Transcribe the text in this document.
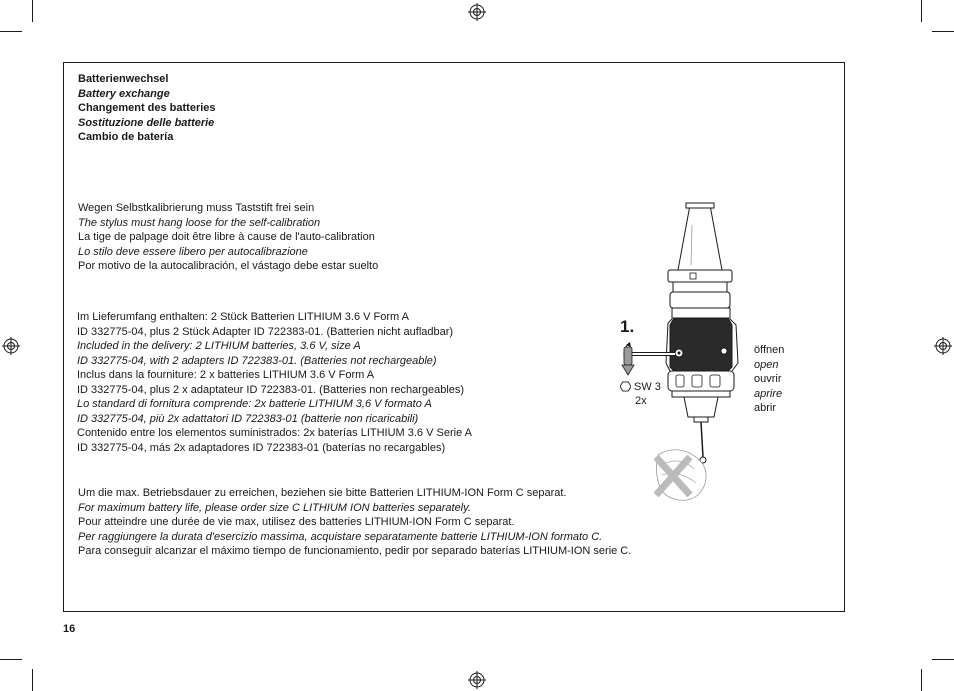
Batterienwechsel
Battery exchange
Changement des batteries
Sostituzione delle batterie
Cambio de batería
Wegen Selbstkalibrierung muss Taststift frei sein
The stylus must hang loose for the self-calibration
La tige de palpage doit être libre à cause de l'auto-calibration
Lo stilo deve essere libero per autocalibrazione
Por motivo de la autocalibración, el vástago debe estar suelto
Im Lieferumfang enthalten: 2 Stück Batterien LITHIUM 3.6 V Form A
ID 332775-04, plus 2 Stück Adapter ID 722383-01. (Batterien nicht aufladbar)
Included in the delivery: 2 LITHIUM batteries, 3.6 V, size A
ID 332775-04, with 2 adapters ID 722383-01. (Batteries not rechargeable)
Inclus dans la fourniture: 2 x batteries LITHIUM 3.6 V Form A
ID 332775-04, plus 2 x adaptateur ID 722383-01. (Batteries non rechargeables)
Lo standard di fornitura comprende: 2x batterie LITHIUM 3,6 V formato A
ID 332775-04, più 2x adattatori ID 722383-01 (batterie non ricaricabili)
Contenido entre los elementos suministrados: 2x baterías LITHIUM 3.6 V Serie A
ID 332775-04, más 2x adaptadores ID 722383-01 (baterías no recargables)
Um die max. Betriebsdauer zu erreichen, beziehen sie bitte Batterien LITHIUM-ION Form C separat.
For maximum battery life, please order size C LITHIUM ION batteries separately.
Pour atteindre une durée de vie max, utilisez des batteries LITHIUM-ION Form C separat.
Per raggiungere la durata d'esercizio massima, acquistare separatamente batterie LITHIUM-ION formato C.
Para conseguir alcanzar el máximo tiempo de funcionamiento, pedir por separado baterías LITHIUM-ION serie C.
1.
SW 3
2x
öffnen
open
ouvrir
aprire
abrir
16
